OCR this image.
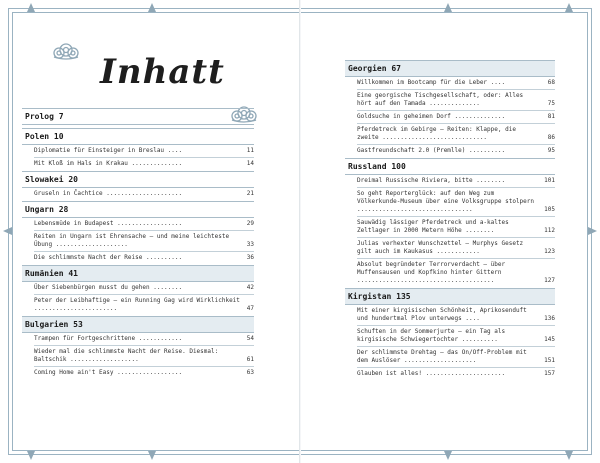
Inhatt
Prolog 7
Polen 10
Diplomatie für Einsteiger in Breslau ....	11
Mit Kloß im Hals in Krakau ..............	14
Slowakei 20
Gruseln in Čachtice .....................	21
Ungarn 28
Lebensmüde in Budapest ..................	29
Reiten in Ungarn ist Ehrensache – und meine leichteste Übung ....................	33
Die schlimmste Nacht der Reise ..........	36
Rumänien 41
Über Siebenbürgen musst du gehen ........	42
Peter der Leibhaftige – ein Running Gag wird Wirklichkeit .......................	47
Bulgarien 53
Trampen für Fortgeschrittene ............	54
Wieder mal die schlimmste Nacht der Reise. Diesmal: Baltschik ...................	61
Coming Home ain't Easy ..................	63
Georgien 67
Willkommen im Bootcamp für die Leber ....	68
Eine georgische Tischgesellschaft, oder: Alles hört auf den Tamada ..............	75
Goldsuche in geheimen Dorf ..............	81
Pferdetreck im Gebirge – Reiten: Klappe, die zweite .............................	86
Gastfreundschaft 2.0 (Premlle) ..........	95
Russland 100
Dreimal Russische Riviera, bitte ........	101
So geht Reporterglück: auf den Weg zum Völkerkunde-Museum über eine Volksgruppe stolpern ................................	105
Sauwädig lässiger Pferdetreck und a-kaltes Zeltlager in 2000 Metern Höhe ........	112
Julias verhexter Wunschzettel – Murphys Gesetz gilt auch im Kaukasus ............	123
Absolut begründeter Terrorverdacht – über Muffensausen und Kopfkino hinter Gittern ......................................	127
Kirgistan 135
Mit einer kirgisischen Schönheit, Aprikosenduft und hundertmal Plov unterwegs ....	136
Schuften in der Sommerjurte – ein Tag als kirgisische Schwiegertochter ..........	145
Der schlimmste Drehtag – das On/Off-Problem mit dem Auslöser ....................	151
Glauben ist alles! ......................	157
